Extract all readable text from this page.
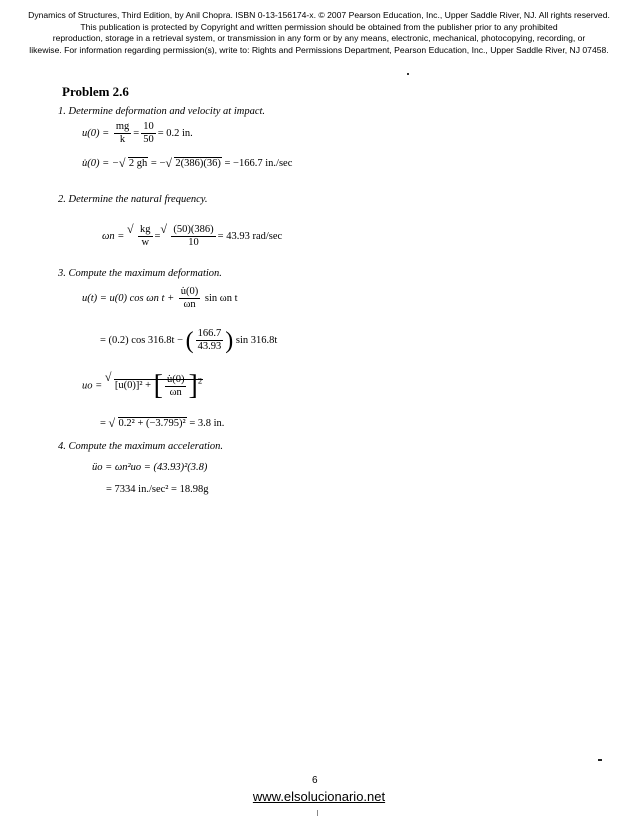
Dynamics of Structures, Third Edition, by Anil Chopra. ISBN 0-13-156174-x. © 2007 Pearson Education, Inc., Upper Saddle River, NJ. All rights reserved.
This publication is protected by Copyright and written permission should be obtained from the publisher prior to any prohibited
reproduction, storage in a retrieval system, or transmission in any form or by any means, electronic, mechanical, photocopying, recording, or
likewise. For information regarding permission(s), write to: Rights and Permissions Department, Pearson Education, Inc., Upper Saddle River, NJ 07458.
Problem 2.6
1. Determine deformation and velocity at impact.
$u(0) = \frac{mg}{k} = \frac{10}{50} = 0.2$ in.
u̇(0) = − √ 2 gh = − √ 2(386)(36) = −166.7 in./sec
2. Determine the natural frequency.
ωn = √ $\frac{kg}{w}$ = √ $\frac{(50)(386)}{10} = 43.93$ rad/sec
3. Compute the maximum deformation.
u(t) = u(0) cos ωn $t + \frac{u̇(0)}{\omega n}$ sin ωn t
= (0.2) cos 316.8t − ( $\frac{166.7}{43.93}$ ) sin 316.8t
uo = √ [u(0)]² + [ $\frac{u̇(0)}{\omega n} ]^2$
= √ 0.2² + (−3.795)² = 3.8 in.
4. Compute the maximum acceleration.
üo = ωn²uo = (43.93)²(3.8)
= 7334 in./sec² = 18.98g
6
www.elsolucionario.net
